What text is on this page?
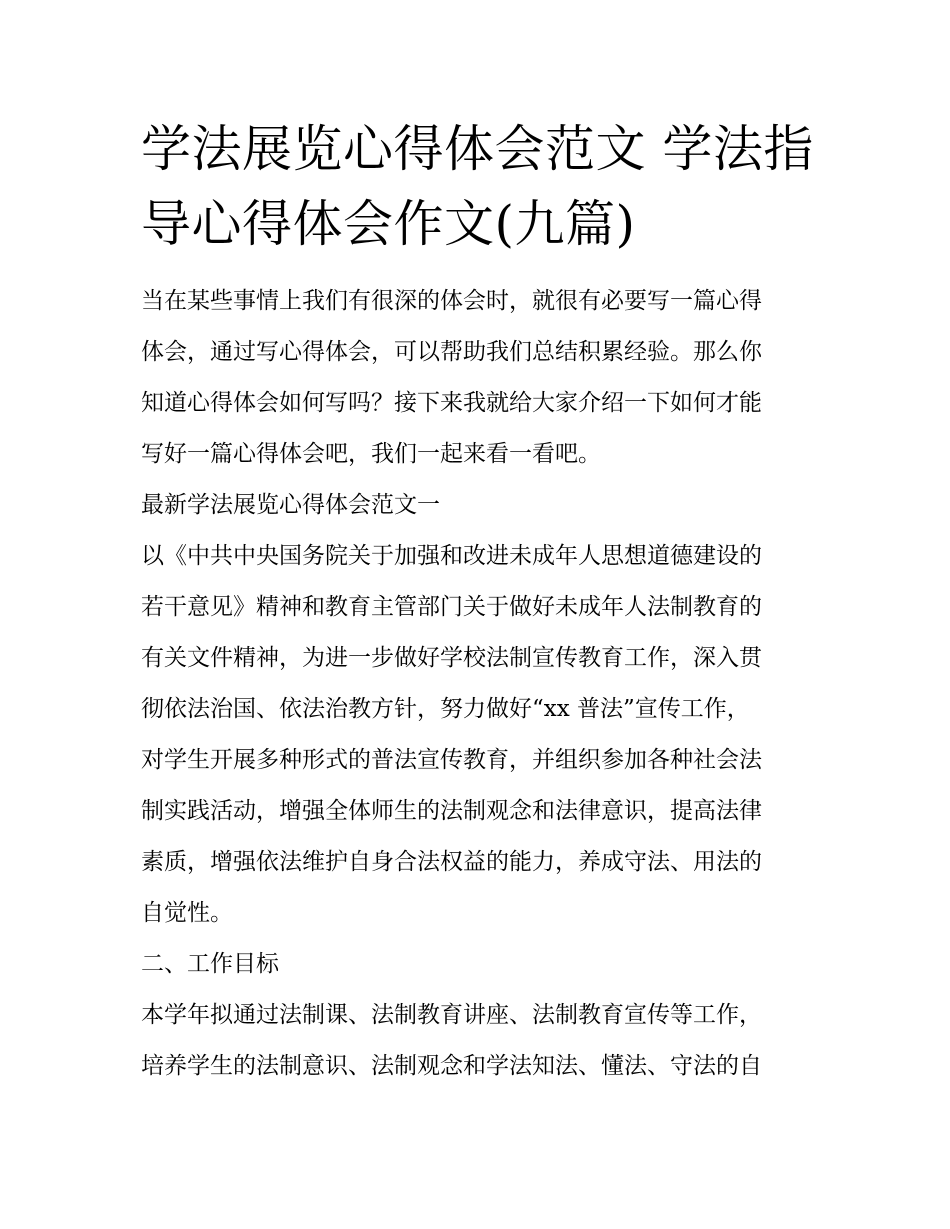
学法展览心得体会范文 学法指
导心得体会作文(九篇)

当在某些事情上我们有很深的体会时，就很有必要写一篇心得
体会，通过写心得体会，可以帮助我们总结积累经验。那么你
知道心得体会如何写吗？接下来我就给大家介绍一下如何才能
写好一篇心得体会吧，我们一起来看一看吧。

最新学法展览心得体会范文一

以《中共中央国务院关于加强和改进未成年人思想道德建设的
若干意见》精神和教育主管部门关于做好未成年人法制教育的
有关文件精神，为进一步做好学校法制宣传教育工作，深入贯
彻依法治国、依法治教方针，努力做好“xx 普法”宣传工作，

对学生开展多种形式的普法宣传教育，并组织参加各种社会法
制实践活动，增强全体师生的法制观念和法律意识，提高法律
素质，增强依法维护自身合法权益的能力，养成守法、用法的
自觉性。

二、工作目标

本学年拟通过法制课、法制教育讲座、法制教育宣传等工作，
培养学生的法制意识、法制观念和学法知法、懂法、守法的自
